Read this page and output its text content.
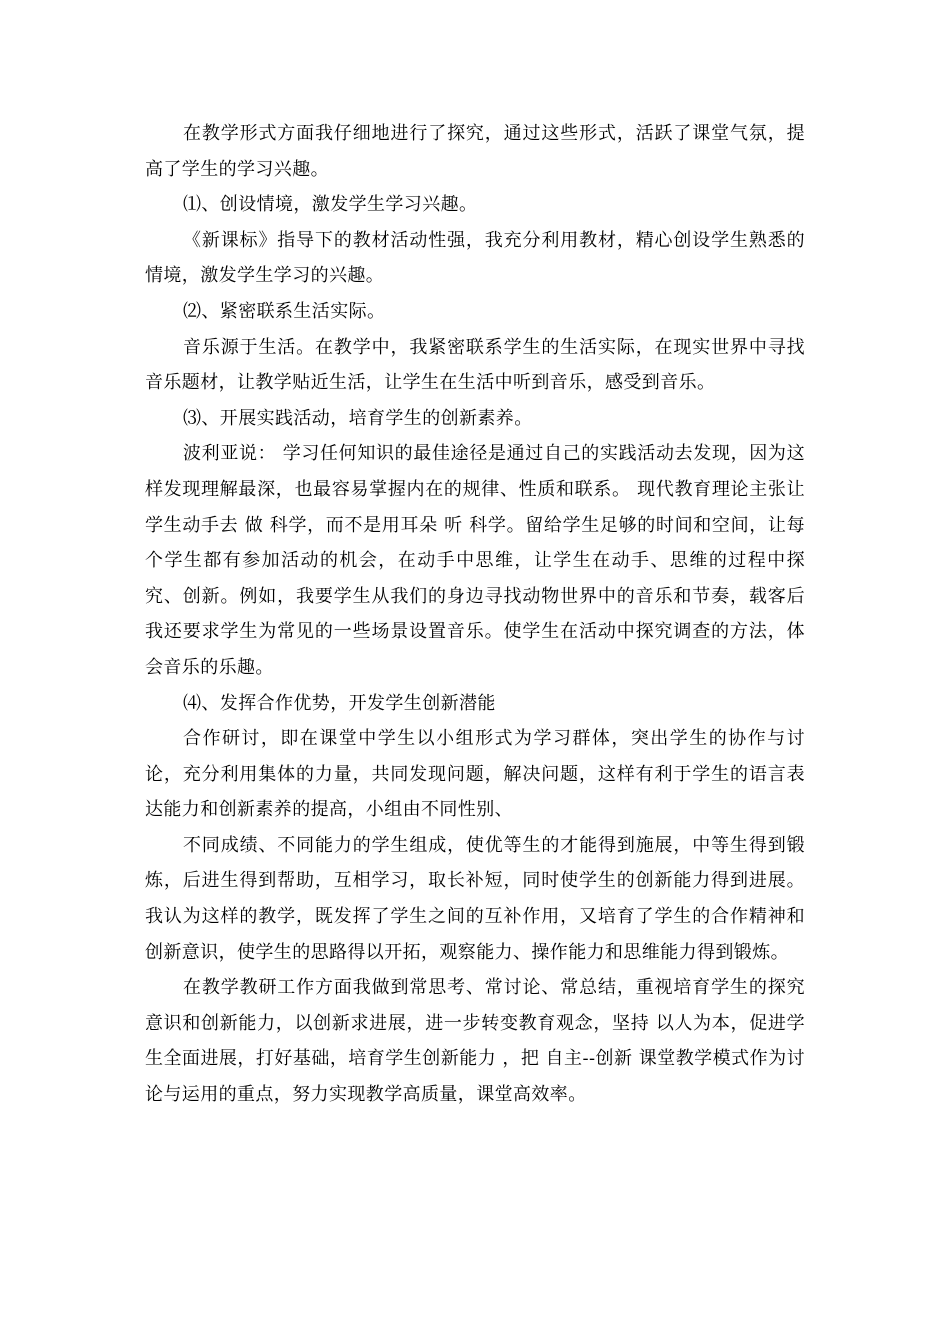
在教学形式方面我仔细地进行了探究，通过这些形式，活跃了课堂气氛，提高了学生的学习兴趣。

⑴、创设情境，激发学生学习兴趣。

《新课标》指导下的教材活动性强，我充分利用教材，精心创设学生熟悉的情境，激发学生学习的兴趣。

⑵、紧密联系生活实际。

音乐源于生活。在教学中，我紧密联系学生的生活实际，在现实世界中寻找音乐题材，让教学贴近生活，让学生在生活中听到音乐，感受到音乐。

⑶、开展实践活动，培育学生的创新素养。

波利亚说： 学习任何知识的最佳途径是通过自己的实践活动去发现，因为这样发现理解最深，也最容易掌握内在的规律、性质和联系。 现代教育理论主张让学生动手去 做 科学，而不是用耳朵 听 科学。留给学生足够的时间和空间，让每个学生都有参加活动的机会，在动手中思维，让学生在动手、思维的过程中探究、创新。例如，我要学生从我们的身边寻找动物世界中的音乐和节奏，载客后我还要求学生为常见的一些场景设置音乐。使学生在活动中探究调查的方法，体会音乐的乐趣。

⑷、发挥合作优势，开发学生创新潜能

合作研讨，即在课堂中学生以小组形式为学习群体，突出学生的协作与讨论，充分利用集体的力量，共同发现问题，解决问题，这样有利于学生的语言表达能力和创新素养的提高，小组由不同性别、

不同成绩、不同能力的学生组成，使优等生的才能得到施展，中等生得到锻炼，后进生得到帮助，互相学习，取长补短，同时使学生的创新能力得到进展。我认为这样的教学，既发挥了学生之间的互补作用，又培育了学生的合作精神和创新意识，使学生的思路得以开拓，观察能力、操作能力和思维能力得到锻炼。

在教学教研工作方面我做到常思考、常讨论、常总结，重视培育学生的探究意识和创新能力，以创新求进展，进一步转变教育观念，坚持 以人为本，促进学生全面进展，打好基础，培育学生创新能力 ，把 自主--创新 课堂教学模式作为讨论与运用的重点，努力实现教学高质量，课堂高效率。
